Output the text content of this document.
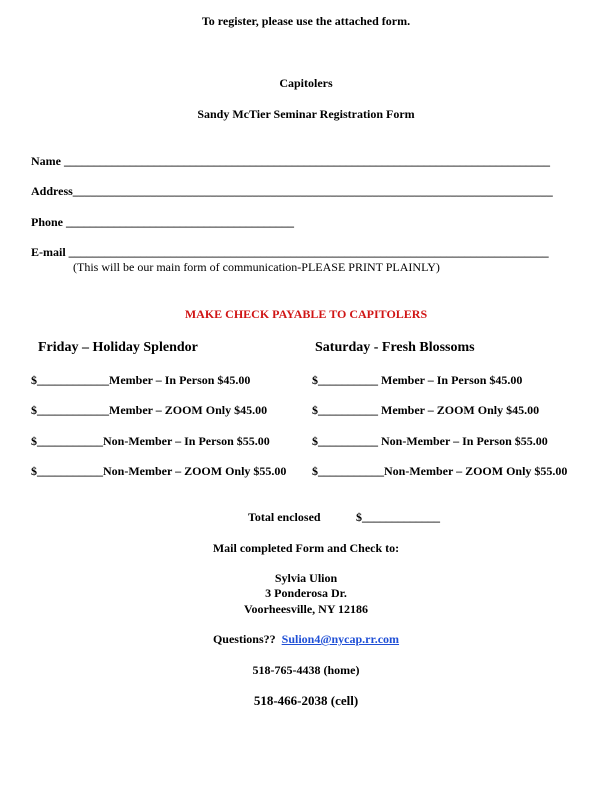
To register, please use the attached form.
Capitolers
Sandy McTier Seminar Registration Form
Name _________________________________________________________________________________
Address________________________________________________________________________________
Phone ______________________________________
E-mail ________________________________________________________________________________
(This will be our main form of communication-PLEASE PRINT PLAINLY)
MAKE CHECK PAYABLE TO CAPITOLERS
Friday – Holiday Splendor	Saturday - Fresh Blossoms
$____________Member – In Person $45.00
$____________Member – ZOOM Only $45.00
$___________Non-Member – In Person $55.00
$___________Non-Member – ZOOM Only $55.00
$__________ Member – In Person $45.00
$__________ Member – ZOOM Only $45.00
$__________ Non-Member – In Person $55.00
$___________Non-Member – ZOOM Only $55.00
Total enclosed	$_____________
Mail completed Form and Check to:
Sylvia Ulion
3 Ponderosa Dr.
Voorheesville, NY 12186
Questions?? Sulion4@nycap.rr.com
518-765-4438 (home)
518-466-2038 (cell)
